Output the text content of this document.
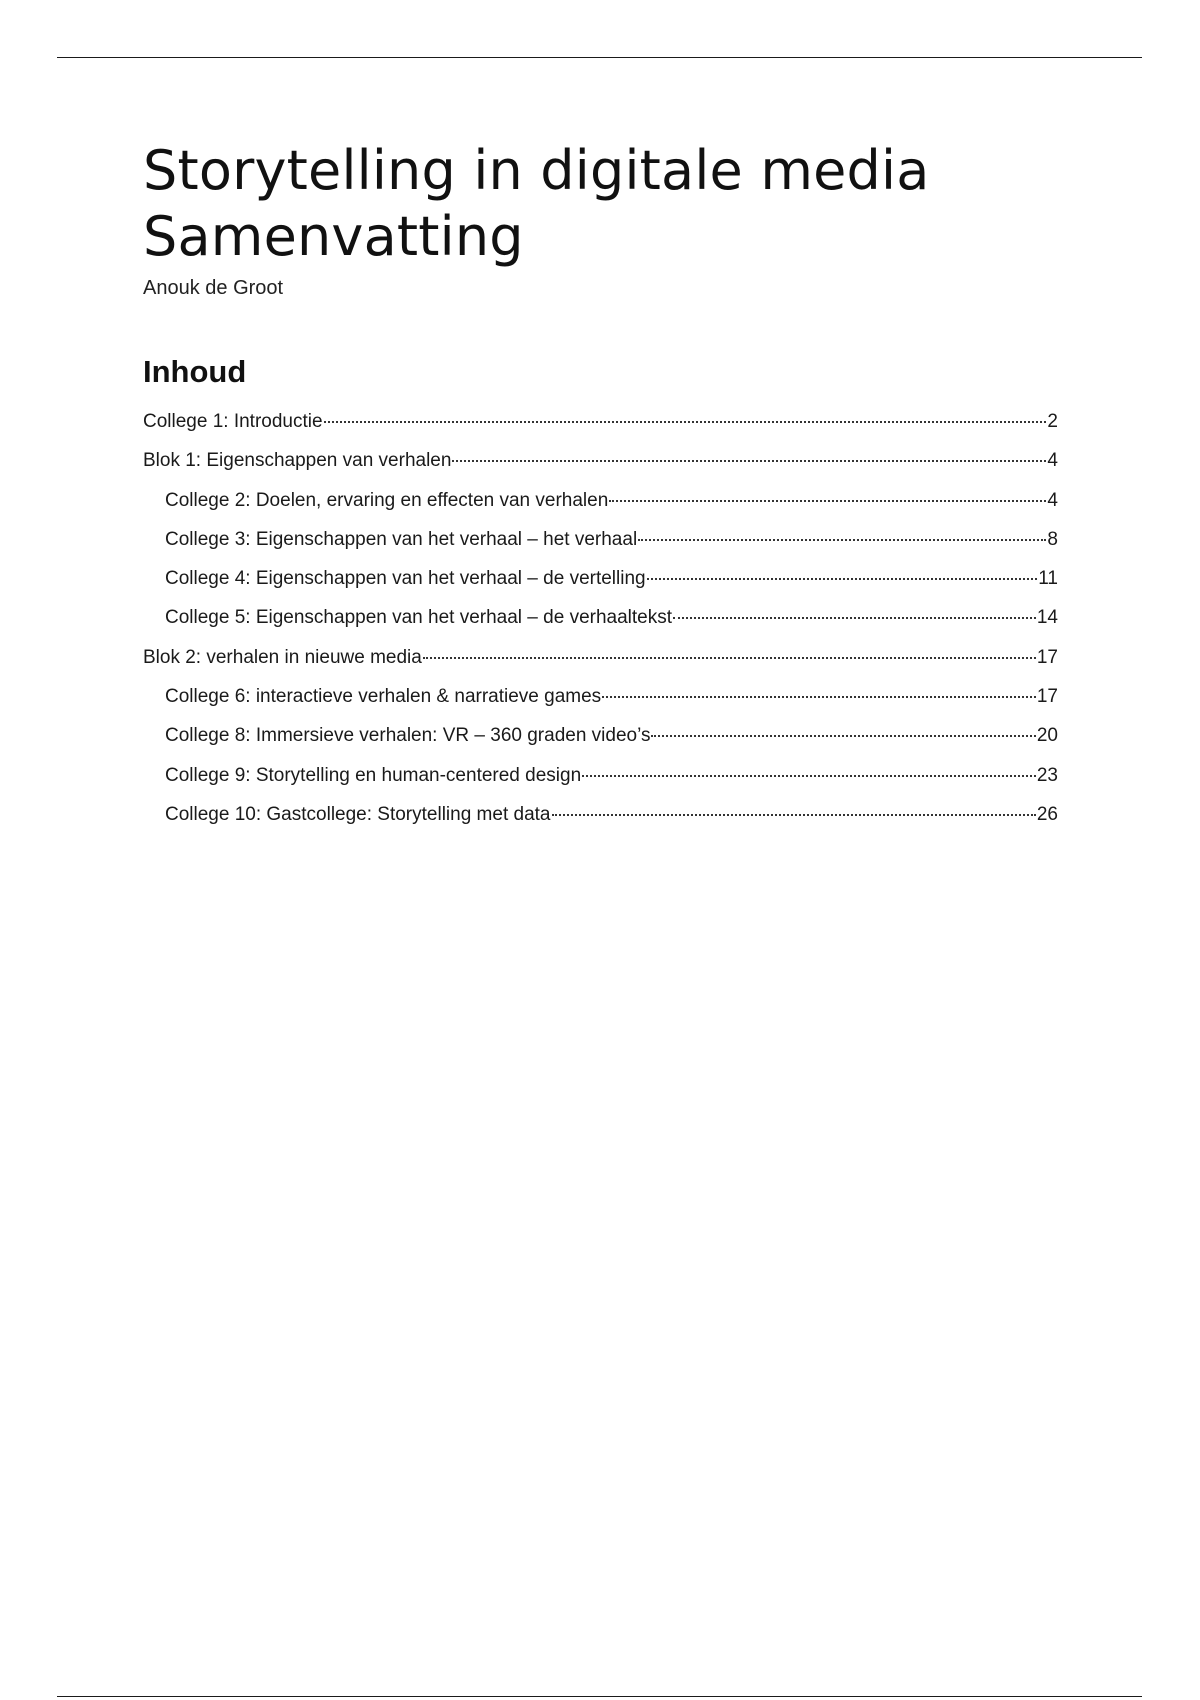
Storytelling in digitale media
Samenvatting

Anouk de Groot

Inhoud
College 1: Introductie	2
Blok 1: Eigenschappen van verhalen	4
College 2: Doelen, ervaring en effecten van verhalen	4
College 3: Eigenschappen van het verhaal – het verhaal	8
College 4: Eigenschappen van het verhaal – de vertelling	11
College 5: Eigenschappen van het verhaal – de verhaaltekst	14
Blok 2: verhalen in nieuwe media	17
College 6: interactieve verhalen & narratieve games	17
College 8: Immersieve verhalen: VR – 360 graden video’s	20
College 9: Storytelling en human-centered design	23
College 10: Gastcollege: Storytelling met data	26
